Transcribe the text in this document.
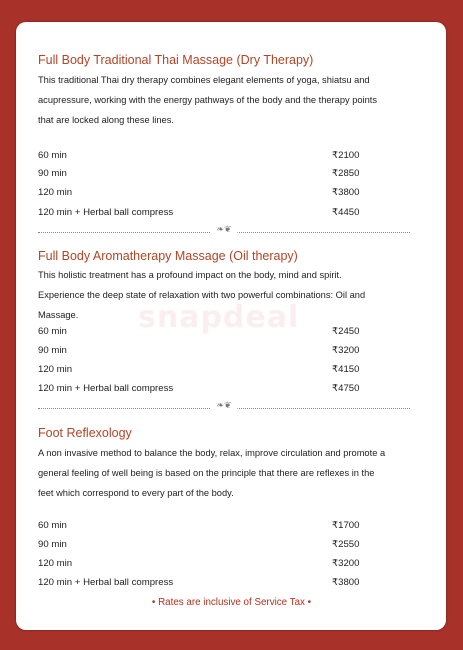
snapdeal
Full Body Traditional Thai Massage (Dry Therapy)
This traditional Thai dry therapy combines elegant elements of yoga, shiatsu and
acupressure, working with the energy pathways of the body and the therapy points
that are locked along these lines.
60 min	₹2100
90 min	₹2850
120 min	₹3800
120 min + Herbal ball compress	₹4450
❧❦
Full Body Aromatherapy Massage (Oil therapy)
This holistic treatment has a profound impact on the body, mind and spirit.
Experience the deep state of relaxation with two powerful combinations: Oil and
Massage.
60 min	₹2450
90 min	₹3200
120 min	₹4150
120 min + Herbal ball compress	₹4750
❧❦
Foot Reflexology
A non invasive method to balance the body, relax, improve circulation and promote a
general feeling of well being is based on the principle that there are reflexes in the
feet which correspond to every part of the body.
60 min	₹1700
90 min	₹2550
120 min	₹3200
120 min + Herbal ball compress	₹3800
• Rates are inclusive of Service Tax •
